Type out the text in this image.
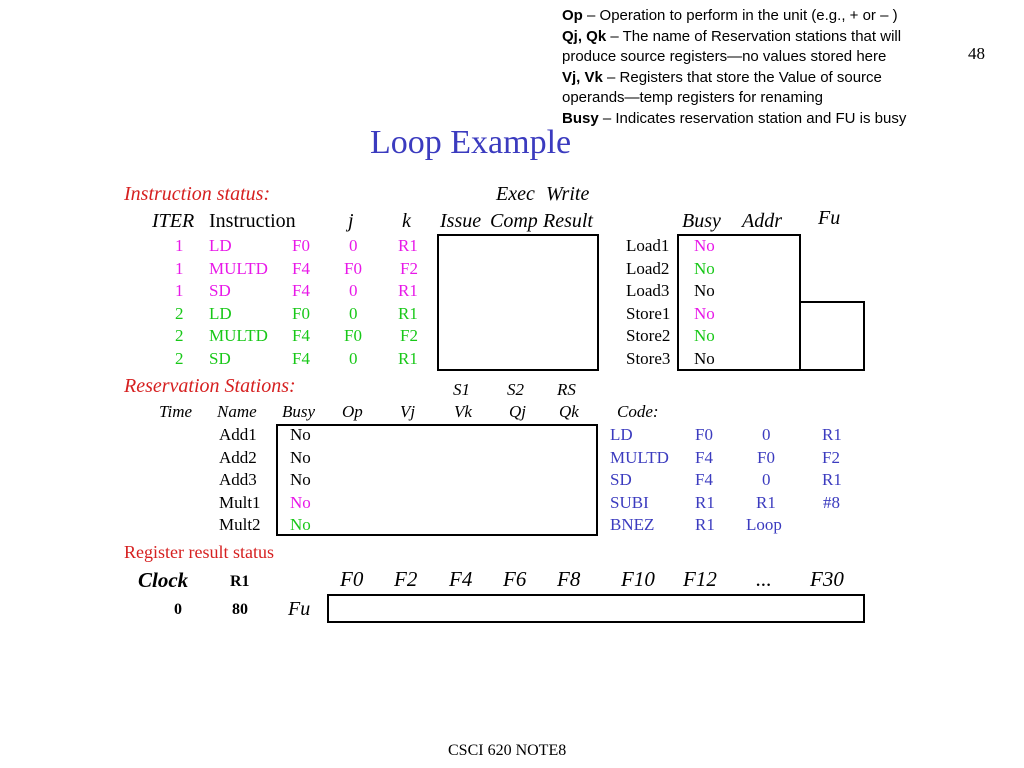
48
Op – Operation to perform in the unit (e.g., + or – )
Qj, Qk – The name of Reservation stations that will
produce source registers—no values stored here
Vj, Vk – Registers that store the Value of source
operands—temp registers for renaming
Busy – Indicates reservation station and FU is busy
Loop Example
Instruction status:	Exec Write
ITER Instruction	j k Issue Comp Result
1 LD	F0 0 R1
1 MULTD F4 F0 F2
1 SD	F4 0 R1
2 LD	F0 0 R1
2 MULTD F4 F0 F2
2 SD	F4 0 R1
Busy Addr Fu
Load1 No
Load2 No
Load3 No
Store1 No
Store2 No
Store3 No
Reservation Stations:	S1 S2 RS
Time Name Busy Op Vj Vk Qj Qk
Add1 No
Add2 No
Add3 No
Mult1 No
Mult2 No
Code:
LD	F0	0	R1
MULTD F4	F0	F2
SD	F4	0	R1
SUBI	R1 R1	#8
BNEZ R1 Loop
Register result status
Clock	R1
0	80 Fu
F0 F2 F4 F6 F8 F10 F12 ... F30
CSCI 620 NOTE8
